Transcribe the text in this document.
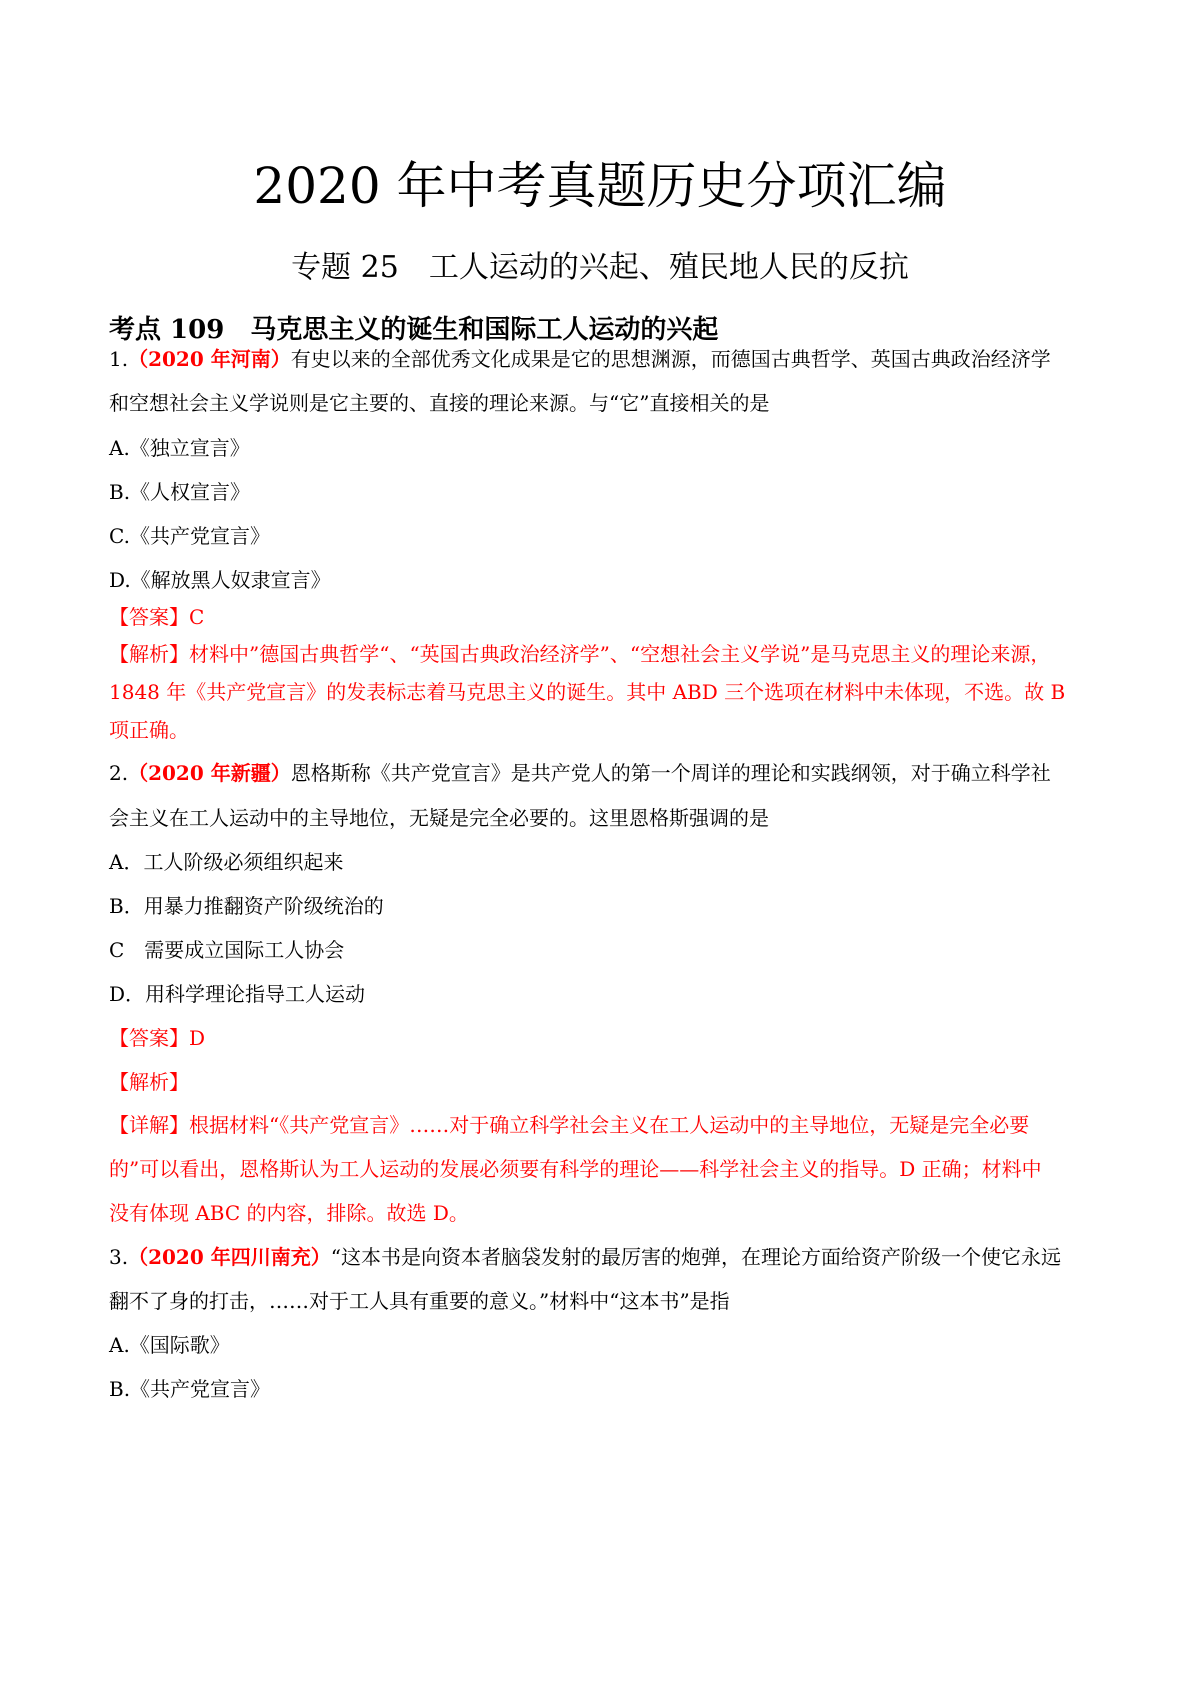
2020 年中考真题历史分项汇编
专题 25　工人运动的兴起、殖民地人民的反抗
考点 109　马克思主义的诞生和国际工人运动的兴起
1.（2020 年河南）有史以来的全部优秀文化成果是它的思想渊源，而德国古典哲学、英国古典政治经济学
和空想社会主义学说则是它主要的、直接的理论来源。与“它”直接相关的是
A.《独立宣言》
B.《人权宣言》
C.《共产党宣言》
D.《解放黑人奴隶宣言》
【答案】C
【解析】材料中”德国古典哲学“、“英国古典政治经济学”、“空想社会主义学说”是马克思主义的理论来源，
1848 年《共产党宣言》的发表标志着马克思主义的诞生。其中 ABD 三个选项在材料中未体现，不选。故 B
项正确。
2.（2020 年新疆）恩格斯称《共产党宣言》是共产党人的第一个周详的理论和实践纲领，对于确立科学社
会主义在工人运动中的主导地位，无疑是完全必要的。这里恩格斯强调的是
A．工人阶级必须组织起来
B．用暴力推翻资产阶级统治的
C　需要成立国际工人协会
D．用科学理论指导工人运动
【答案】D
【解析】
【详解】根据材料“《共产党宣言》……对于确立科学社会主义在工人运动中的主导地位，无疑是完全必要
的”可以看出，恩格斯认为工人运动的发展必须要有科学的理论——科学社会主义的指导。D 正确；材料中
没有体现 ABC 的内容，排除。故选 D。
3.（2020 年四川南充）“这本书是向资本者脑袋发射的最厉害的炮弹，在理论方面给资产阶级一个使它永远
翻不了身的打击，……对于工人具有重要的意义。”材料中“这本书”是指
A.《国际歌》
B.《共产党宣言》
